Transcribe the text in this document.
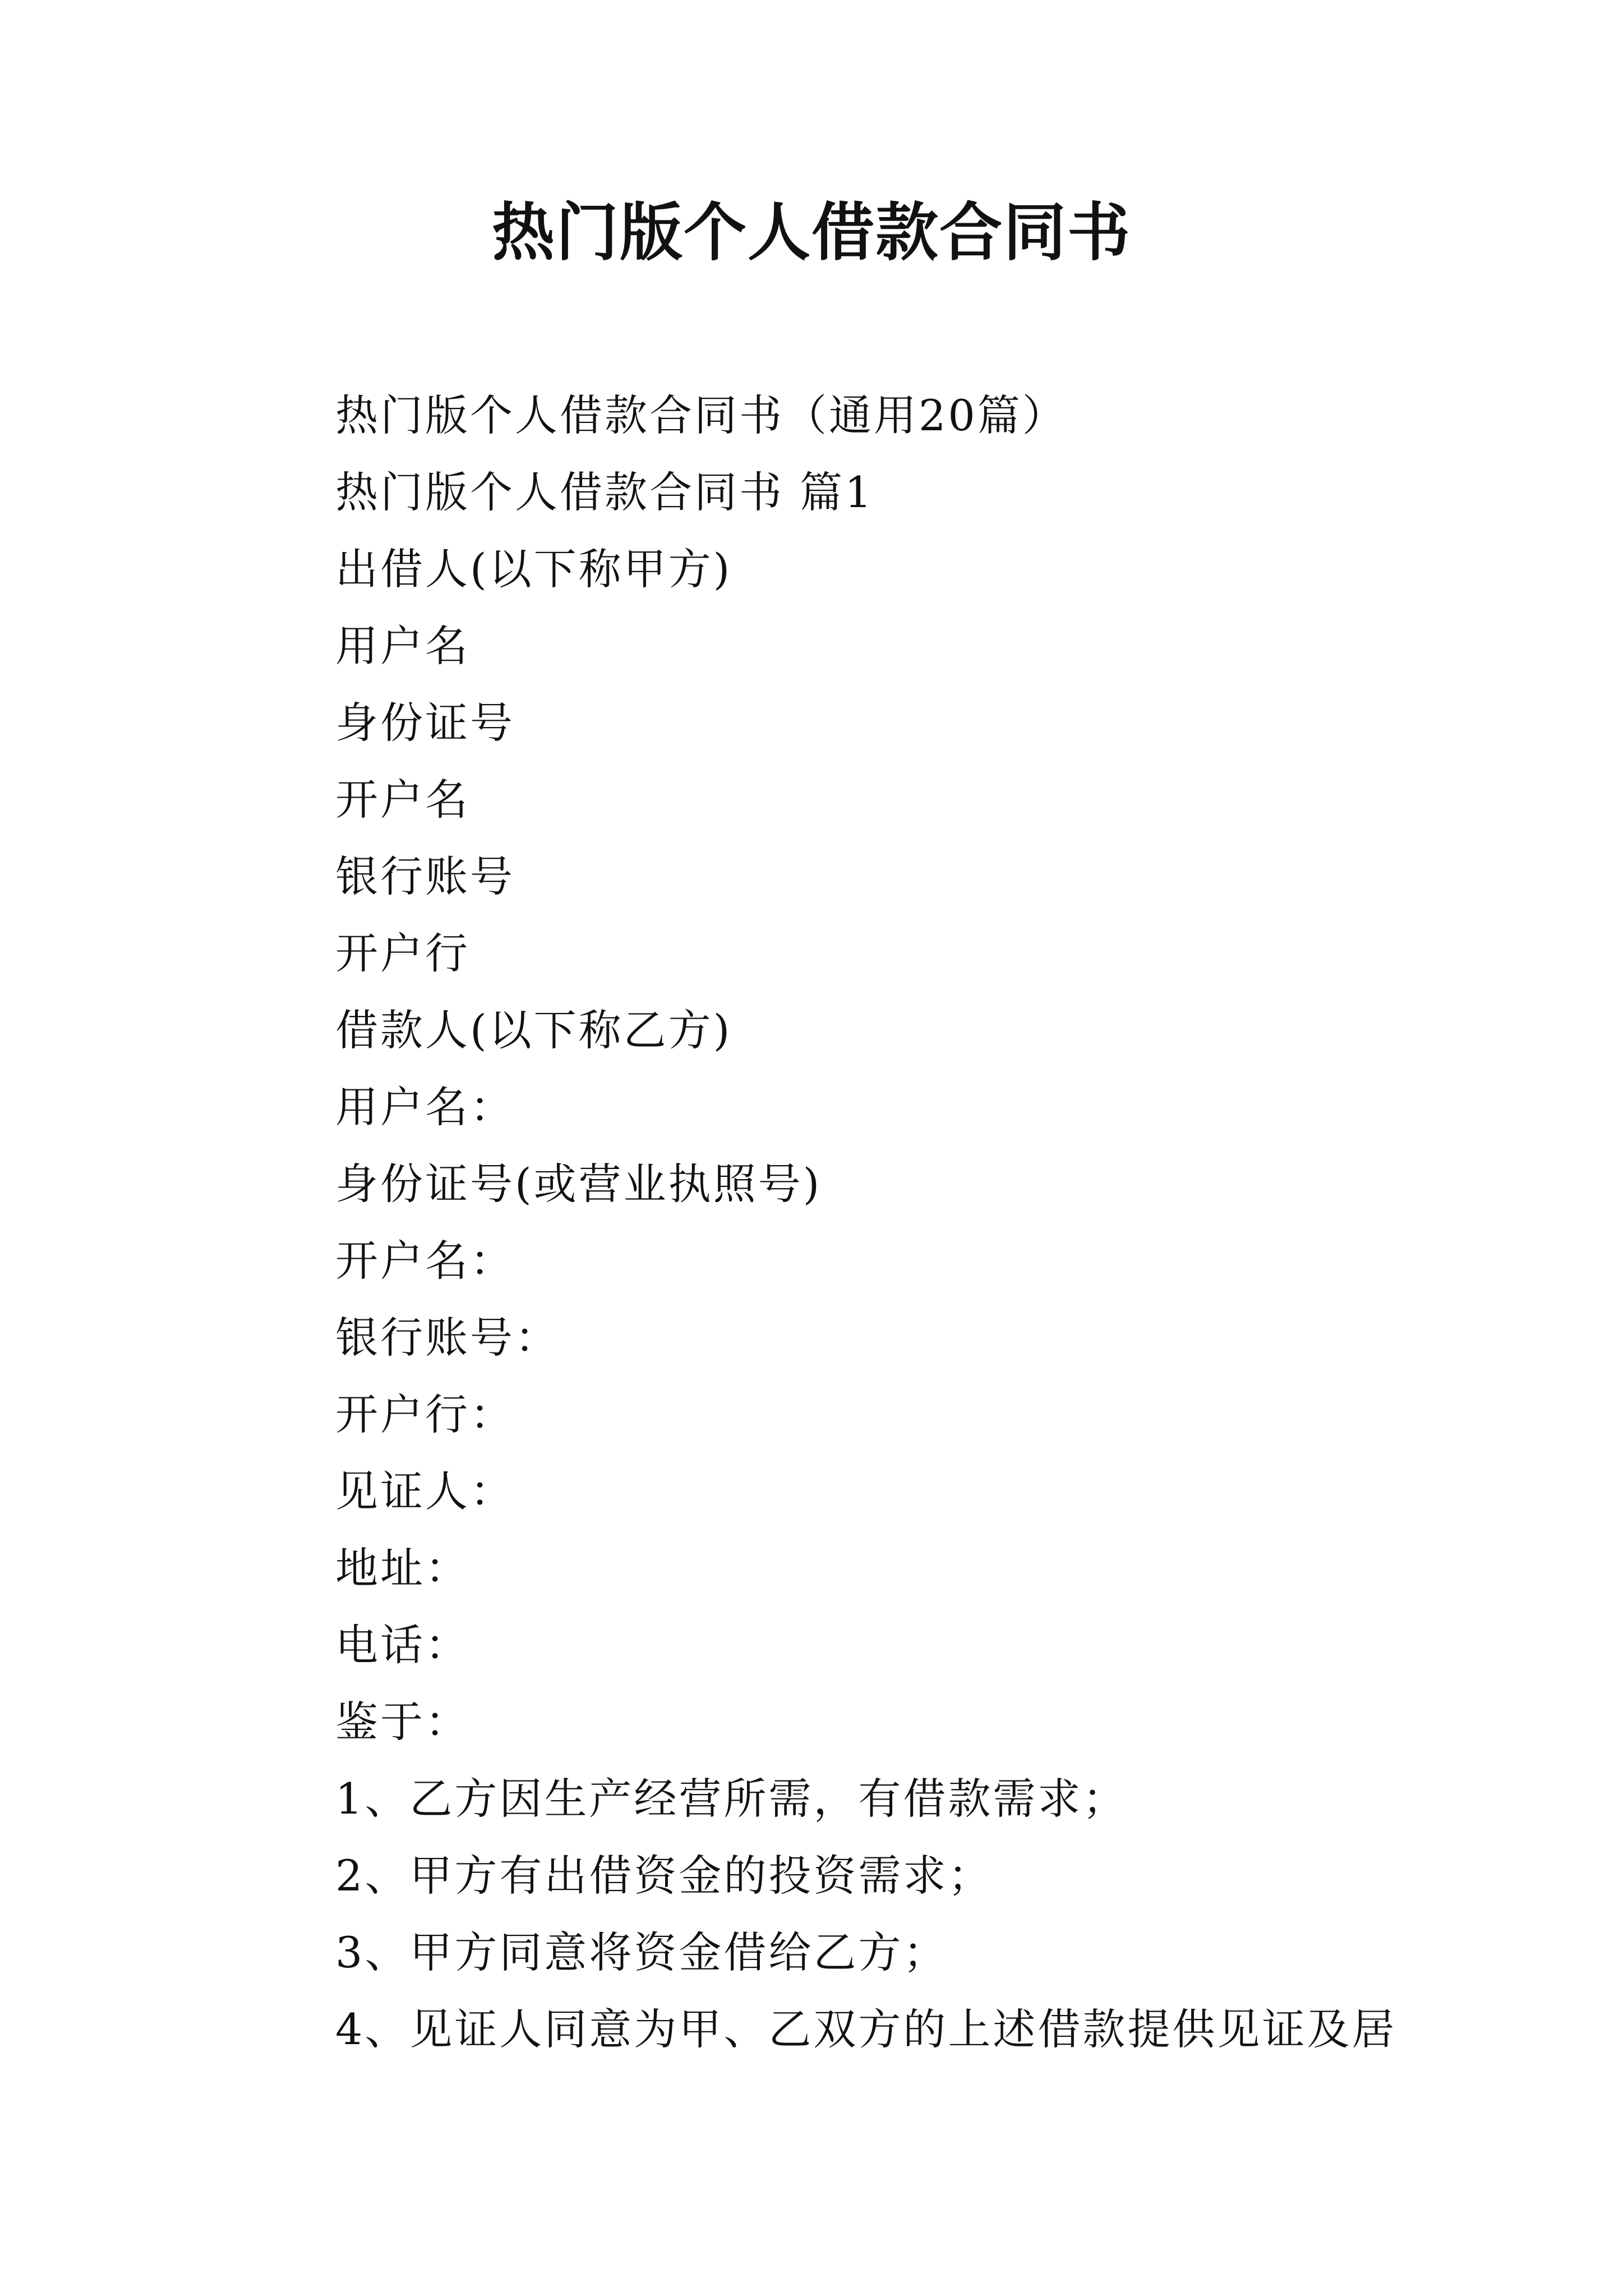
热门版个人借款合同书

热门版个人借款合同书（通用20篇）

热门版个人借款合同书 篇1

出借人(以下称甲方)

用户名

身份证号

开户名

银行账号

开户行

借款人(以下称乙方)

用户名：

身份证号(或营业执照号)

开户名：

银行账号：

开户行：

见证人：

地址：

电话：

鉴于：

1、乙方因生产经营所需，有借款需求；

2、甲方有出借资金的投资需求；

3、甲方同意将资金借给乙方；

4、见证人同意为甲、乙双方的上述借款提供见证及居
